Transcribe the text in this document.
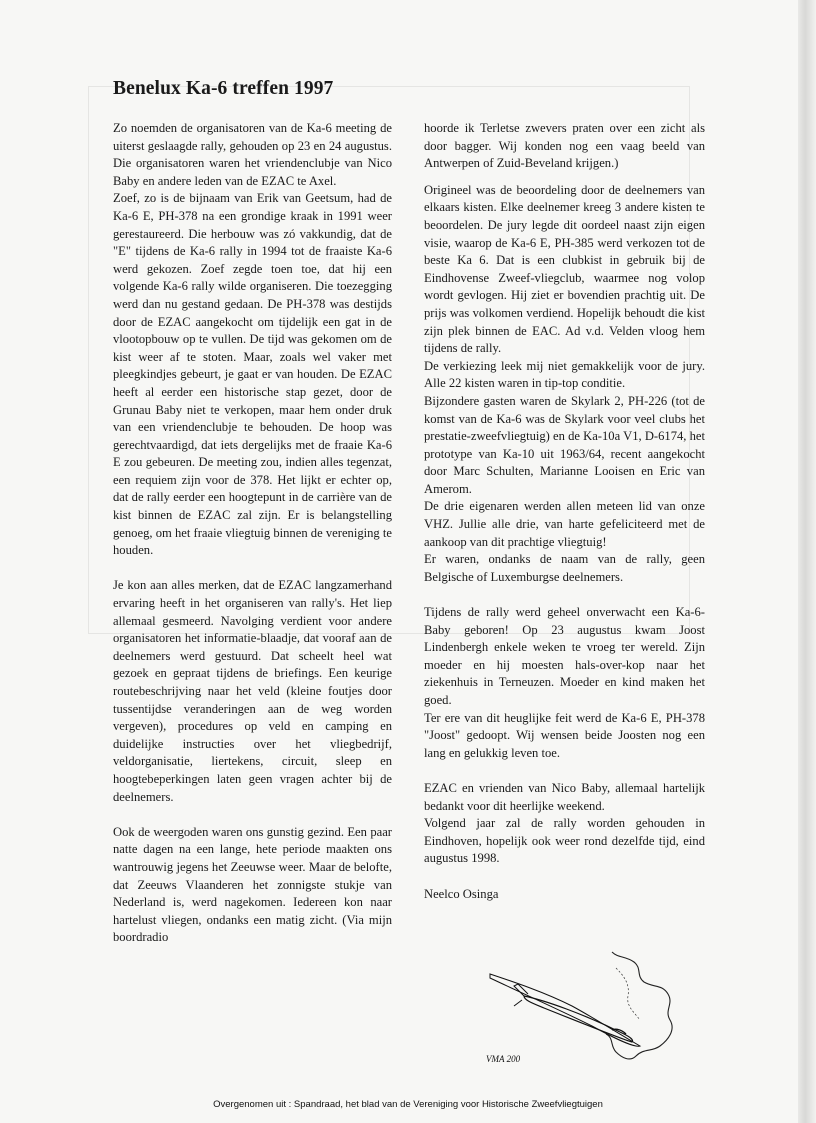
Benelux Ka-6 treffen 1997

Zo noemden de organisatoren van de Ka-6 meeting de uiterst geslaagde rally, gehouden op 23 en 24 augustus. Die organisatoren waren het vriendenclubje van Nico Baby en andere leden van de EZAC te Axel.

Zoef, zo is de bijnaam van Erik van Geetsum, had de Ka-6 E, PH-378 na een grondige kraak in 1991 weer gerestaureerd. Die herbouw was zó vakkundig, dat de "E" tijdens de Ka-6 rally in 1994 tot de fraaiste Ka-6 werd gekozen. Zoef zegde toen toe, dat hij een volgende Ka-6 rally wilde organiseren. Die toezegging werd dan nu gestand gedaan. De PH-378 was destijds door de EZAC aangekocht om tijdelijk een gat in de vlootopbouw op te vullen. De tijd was gekomen om de kist weer af te stoten. Maar, zoals wel vaker met pleegkindjes gebeurt, je gaat er van houden. De EZAC heeft al eerder een historische stap gezet, door de Grunau Baby niet te verkopen, maar hem onder druk van een vriendenclubje te behouden. De hoop was gerechtvaardigd, dat iets dergelijks met de fraaie Ka-6 E zou gebeuren. De meeting zou, indien alles tegenzat, een requiem zijn voor de 378. Het lijkt er echter op, dat de rally eerder een hoogtepunt in de carrière van de kist binnen de EZAC zal zijn. Er is belangstelling genoeg, om het fraaie vliegtuig binnen de vereniging te houden.

Je kon aan alles merken, dat de EZAC langzamerhand ervaring heeft in het organiseren van rally's. Het liep allemaal gesmeerd. Navolging verdient voor andere organisatoren het informatie-blaadje, dat vooraf aan de deelnemers werd gestuurd. Dat scheelt heel wat gezoek en gepraat tijdens de briefings. Een keurige routebeschrijving naar het veld (kleine foutjes door tussentijdse veranderingen aan de weg worden vergeven), procedures op veld en camping en duidelijke instructies over het vliegbedrijf, veldorganisatie, liertekens, circuit, sleep en hoogtebeperkingen laten geen vragen achter bij de deelnemers.

Ook de weergoden waren ons gunstig gezind. Een paar natte dagen na een lange, hete periode maakten ons wantrouwig jegens het Zeeuwse weer. Maar de belofte, dat Zeeuws Vlaanderen het zonnigste stukje van Nederland is, werd nagekomen. Iedereen kon naar hartelust vliegen, ondanks een matig zicht. (Via mijn boordradio

hoorde ik Terletse zwevers praten over een zicht als door bagger. Wij konden nog een vaag beeld van Antwerpen of Zuid-Beveland krijgen.)

Origineel was de beoordeling door de deelnemers van elkaars kisten. Elke deelnemer kreeg 3 andere kisten te beoordelen. De jury legde dit oordeel naast zijn eigen visie, waarop de Ka-6 E, PH-385 werd verkozen tot de beste Ka 6. Dat is een clubkist in gebruik bij de Eindhovense Zweef-vliegclub, waarmee nog volop wordt gevlogen. Hij ziet er bovendien prachtig uit. De prijs was volkomen verdiend. Hopelijk behoudt die kist zijn plek binnen de EAC. Ad v.d. Velden vloog hem tijdens de rally.

De verkiezing leek mij niet gemakkelijk voor de jury. Alle 22 kisten waren in tip-top conditie.

Bijzondere gasten waren de Skylark 2, PH-226 (tot de komst van de Ka-6 was de Skylark voor veel clubs het prestatie-zweefvliegtuig) en de Ka-10a V1, D-6174, het prototype van Ka-10 uit 1963/64, recent aangekocht door Marc Schulten, Marianne Looisen en Eric van Amerom.

De drie eigenaren werden allen meteen lid van onze VHZ. Jullie alle drie, van harte gefeliciteerd met de aankoop van dit prachtige vliegtuig!

Er waren, ondanks de naam van de rally, geen Belgische of Luxemburgse deelnemers.

Tijdens de rally werd geheel onverwacht een Ka-6-Baby geboren! Op 23 augustus kwam Joost Lindenbergh enkele weken te vroeg ter wereld. Zijn moeder en hij moesten hals-over-kop naar het ziekenhuis in Terneuzen. Moeder en kind maken het goed.

Ter ere van dit heuglijke feit werd de Ka-6 E, PH-378 "Joost" gedoopt. Wij wensen beide Joosten nog een lang en gelukkig leven toe.

EZAC en vrienden van Nico Baby, allemaal hartelijk bedankt voor dit heerlijke weekend.

Volgend jaar zal de rally worden gehouden in Eindhoven, hopelijk ook weer rond dezelfde tijd, eind augustus 1998.

Neelco Osinga

VMA 200
Overgenomen uit : Spandraad, het blad van de Vereniging voor Historische Zweefvliegtuigen
